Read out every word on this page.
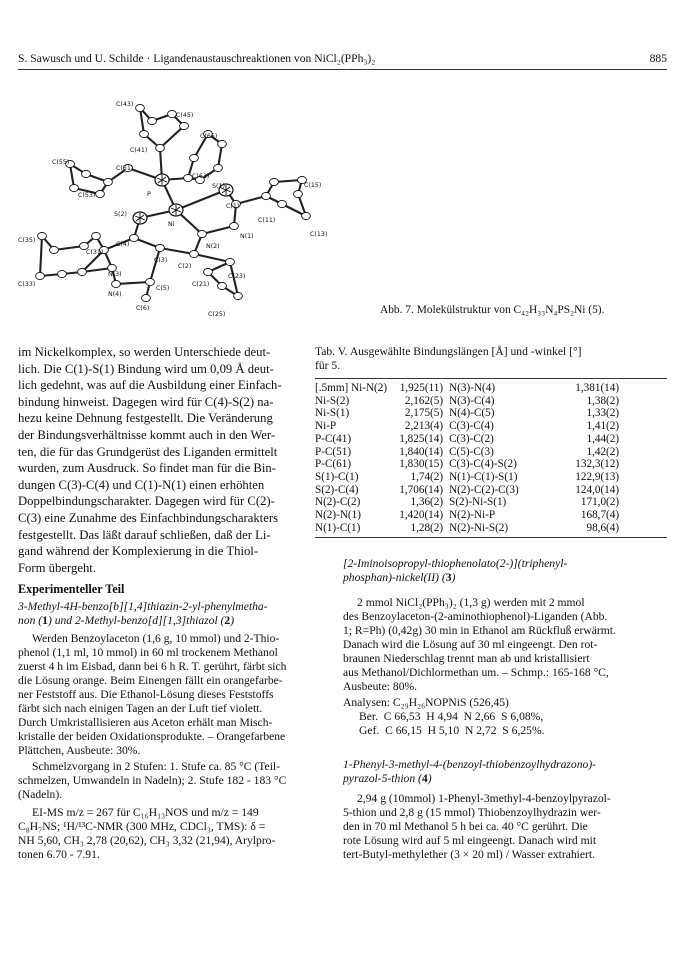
S. Sawusch und U. Schilde · Ligandenaustauschreaktionen von NiCl₂(PPh₃)₂	885
C(43)
C(45)
C(65)
C(41)
C(55)
C(51)
C(63)
S(1)	C(15)
C(53)	P
C(1)
S(2)
Ni
C(11)
N(1)	C(13)
C(35)
C(31)
C(4)
C(3)
N(2)
N(3)
C(2)
C(23)
C(33)
N(4)
C(5)
C(21)
C(6)
C(25)	Abb. 7. Molekülstruktur von C₄₂H₃₃N₄PS₂Ni (5).
im Nickelkomplex, so werden Unterschiede deut-
lich. Die C(1)-S(1) Bindung wird um 0,09 Å deut-
lich gedehnt, was auf die Ausbildung einer Einfach-
bindung hinweist. Dagegen wird für C(4)-S(2) na-
hezu keine Dehnung festgestellt. Die Veränderung
der Bindungsverhältnisse kommt auch in den Wer-
ten, die für das Grundgerüst des Liganden ermittelt
wurden, zum Ausdruck. So findet man für die Bin-
dungen C(3)-C(4) und C(1)-N(1) einen erhöhten
Doppelbindungscharakter. Dagegen wird für C(2)-
C(3) eine Zunahme des Einfachbindungscharakters
festgestellt. Das läßt darauf schließen, daß der Li-
gand während der Komplexierung in die Thiol-
Form übergeht.
Experimenteller Teil
3-Methyl-4H-benzo[b][1,4]thiazin-2-yl-phenylmetha-
non (1) und 2-Methyl-benzo[d][1,3]thiazol (2)
Werden Benzoylaceton (1,6 g, 10 mmol) und 2-Thio-
phenol (1,1 ml, 10 mmol) in 60 ml trockenem Methanol
zuerst 4 h im Eisbad, dann bei 6 h R. T. gerührt, färbt sich
die Lösung orange. Beim Einengen fällt ein orangefarbe-
ner Feststoff aus. Die Ethanol-Lösung dieses Feststoffs
färbt sich nach einigen Tagen an der Luft tief violett.
Durch Umkristallisieren aus Aceton erhält man Misch-
kristalle der beiden Oxidationsprodukte. – Orangefarbene
Plättchen, Ausbeute: 30%.
Schmelzvorgang in 2 Stufen: 1. Stufe ca. 85 °C (Teil-
schmelzen, Umwandeln in Nadeln); 2. Stufe 182 - 183 °C
(Nadeln).
EI-MS m/z = 267 für C₁₆H₁₃NOS und m/z = 149
C₈H₇NS; ¹H/¹³C-NMR (300 MHz, CDCl₃, TMS): δ =
NH 5,60, CH₃ 2,78 (20,62), CH₃ 3,32 (21,94), Arylpro-
tonen 6.70 - 7.91.
Tab. V. Ausgewählte Bindungslängen [Å] und -winkel [°]
für 5.
[.5mm] Ni-N(2)	1,925(11)	N(3)-N(4)	1,381(14)
Ni-S(2)	2,162(5)	N(3)-C(4)	1,38(2)
Ni-S(1)	2,175(5)	N(4)-C(5)	1,33(2)
Ni-P	2,213(4)	C(3)-C(4)	1,41(2)
P-C(41)	1,825(14)	C(3)-C(2)	1,44(2)
P-C(51)	1,840(14)	C(5)-C(3)	1,42(2)
P-C(61)	1,830(15)	C(3)-C(4)-S(2)	132,3(12)
S(1)-C(1)	1,74(2)	N(1)-C(1)-S(1)	122,9(13)
S(2)-C(4)	1,706(14)	N(2)-C(2)-C(3)	124,0(14)
N(2)-C(2)	1,36(2)	S(2)-Ni-S(1)	171,0(2)
N(2)-N(1)	1,420(14)	N(2)-Ni-P	168,7(4)
N(1)-C(1)	1,28(2)	N(2)-Ni-S(2)	98,6(4)
[2-Iminoisopropyl-thiophenolato(2-)](triphenyl-
phosphan)-nickel(II) (3)
2 mmol NiCl₂(PPh₃)₂ (1,3 g) werden mit 2 mmol
des Benzoylaceton-(2-aminothiophenol)-Liganden (Abb.
1; R=Ph) (0,42g) 30 min in Ethanol am Rückfluß erwärmt.
Danach wird die Lösung auf 30 ml eingeengt. Den rot-
braunen Niederschlag trennt man ab und kristallisiert
aus Methanol/Dichlormethan um. – Schmp.: 165-168 °C,
Ausbeute: 80%.
Analysen: C₂₉H₂₆NOPNiS (526,45)
Ber.  C 66,53  H 4,94  N 2,66  S 6,08%,
Gef.  C 66,15  H 5,10  N 2,72  S 6,25%.
1-Phenyl-3-methyl-4-(benzoyl-thiobenzoylhydrazono)-
pyrazol-5-thion (4)
2,94 g (10mmol) 1-Phenyl-3methyl-4-benzoylpyrazol-
5-thion und 2,8 g (15 mmol) Thiobenzoylhydrazin wer-
den in 70 ml Methanol 5 h bei ca. 40 °C gerührt. Die
rote Lösung wird auf 5 ml eingeengt. Danach wird mit
tert-Butyl-methylether (3 × 20 ml) / Wasser extrahiert.
